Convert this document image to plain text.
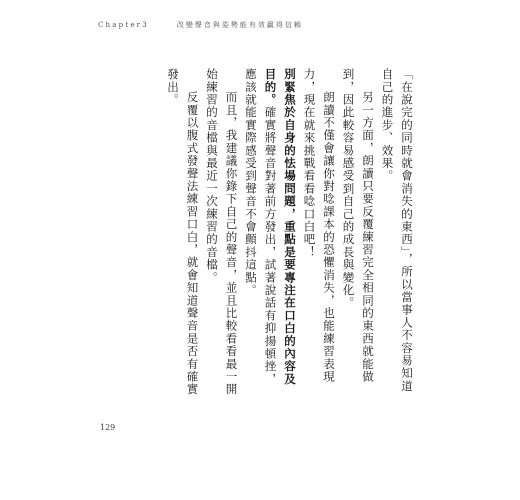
Chapter3	改變聲音與姿勢能有效贏得信賴

「在說完的同時就會消失的東西」，所以當事人不容易知道自己的進步、效果。

另一方面，朗讀只要反覆練習完全相同的東西就能做到，因此較容易感受到自己的成長與變化。

朗讀不僅會讓你對唸課本的恐懼消失，也能練習表現力，現在就來挑戰看看唸口白吧！

別緊焦於自身的怯場問題，重點是要專注在口白的內容及目的。確實將聲音對著前方發出，試著說話有抑揚頓挫，應該就能實際感受到聲音不會顫抖這點。

而且，我建議你錄下自己的聲音，並且比較看看最一開始練習的音檔與最近一次練習的音檔。

反覆以腹式發聲法練習口白，就會知道聲音是否有確實發出。

129
